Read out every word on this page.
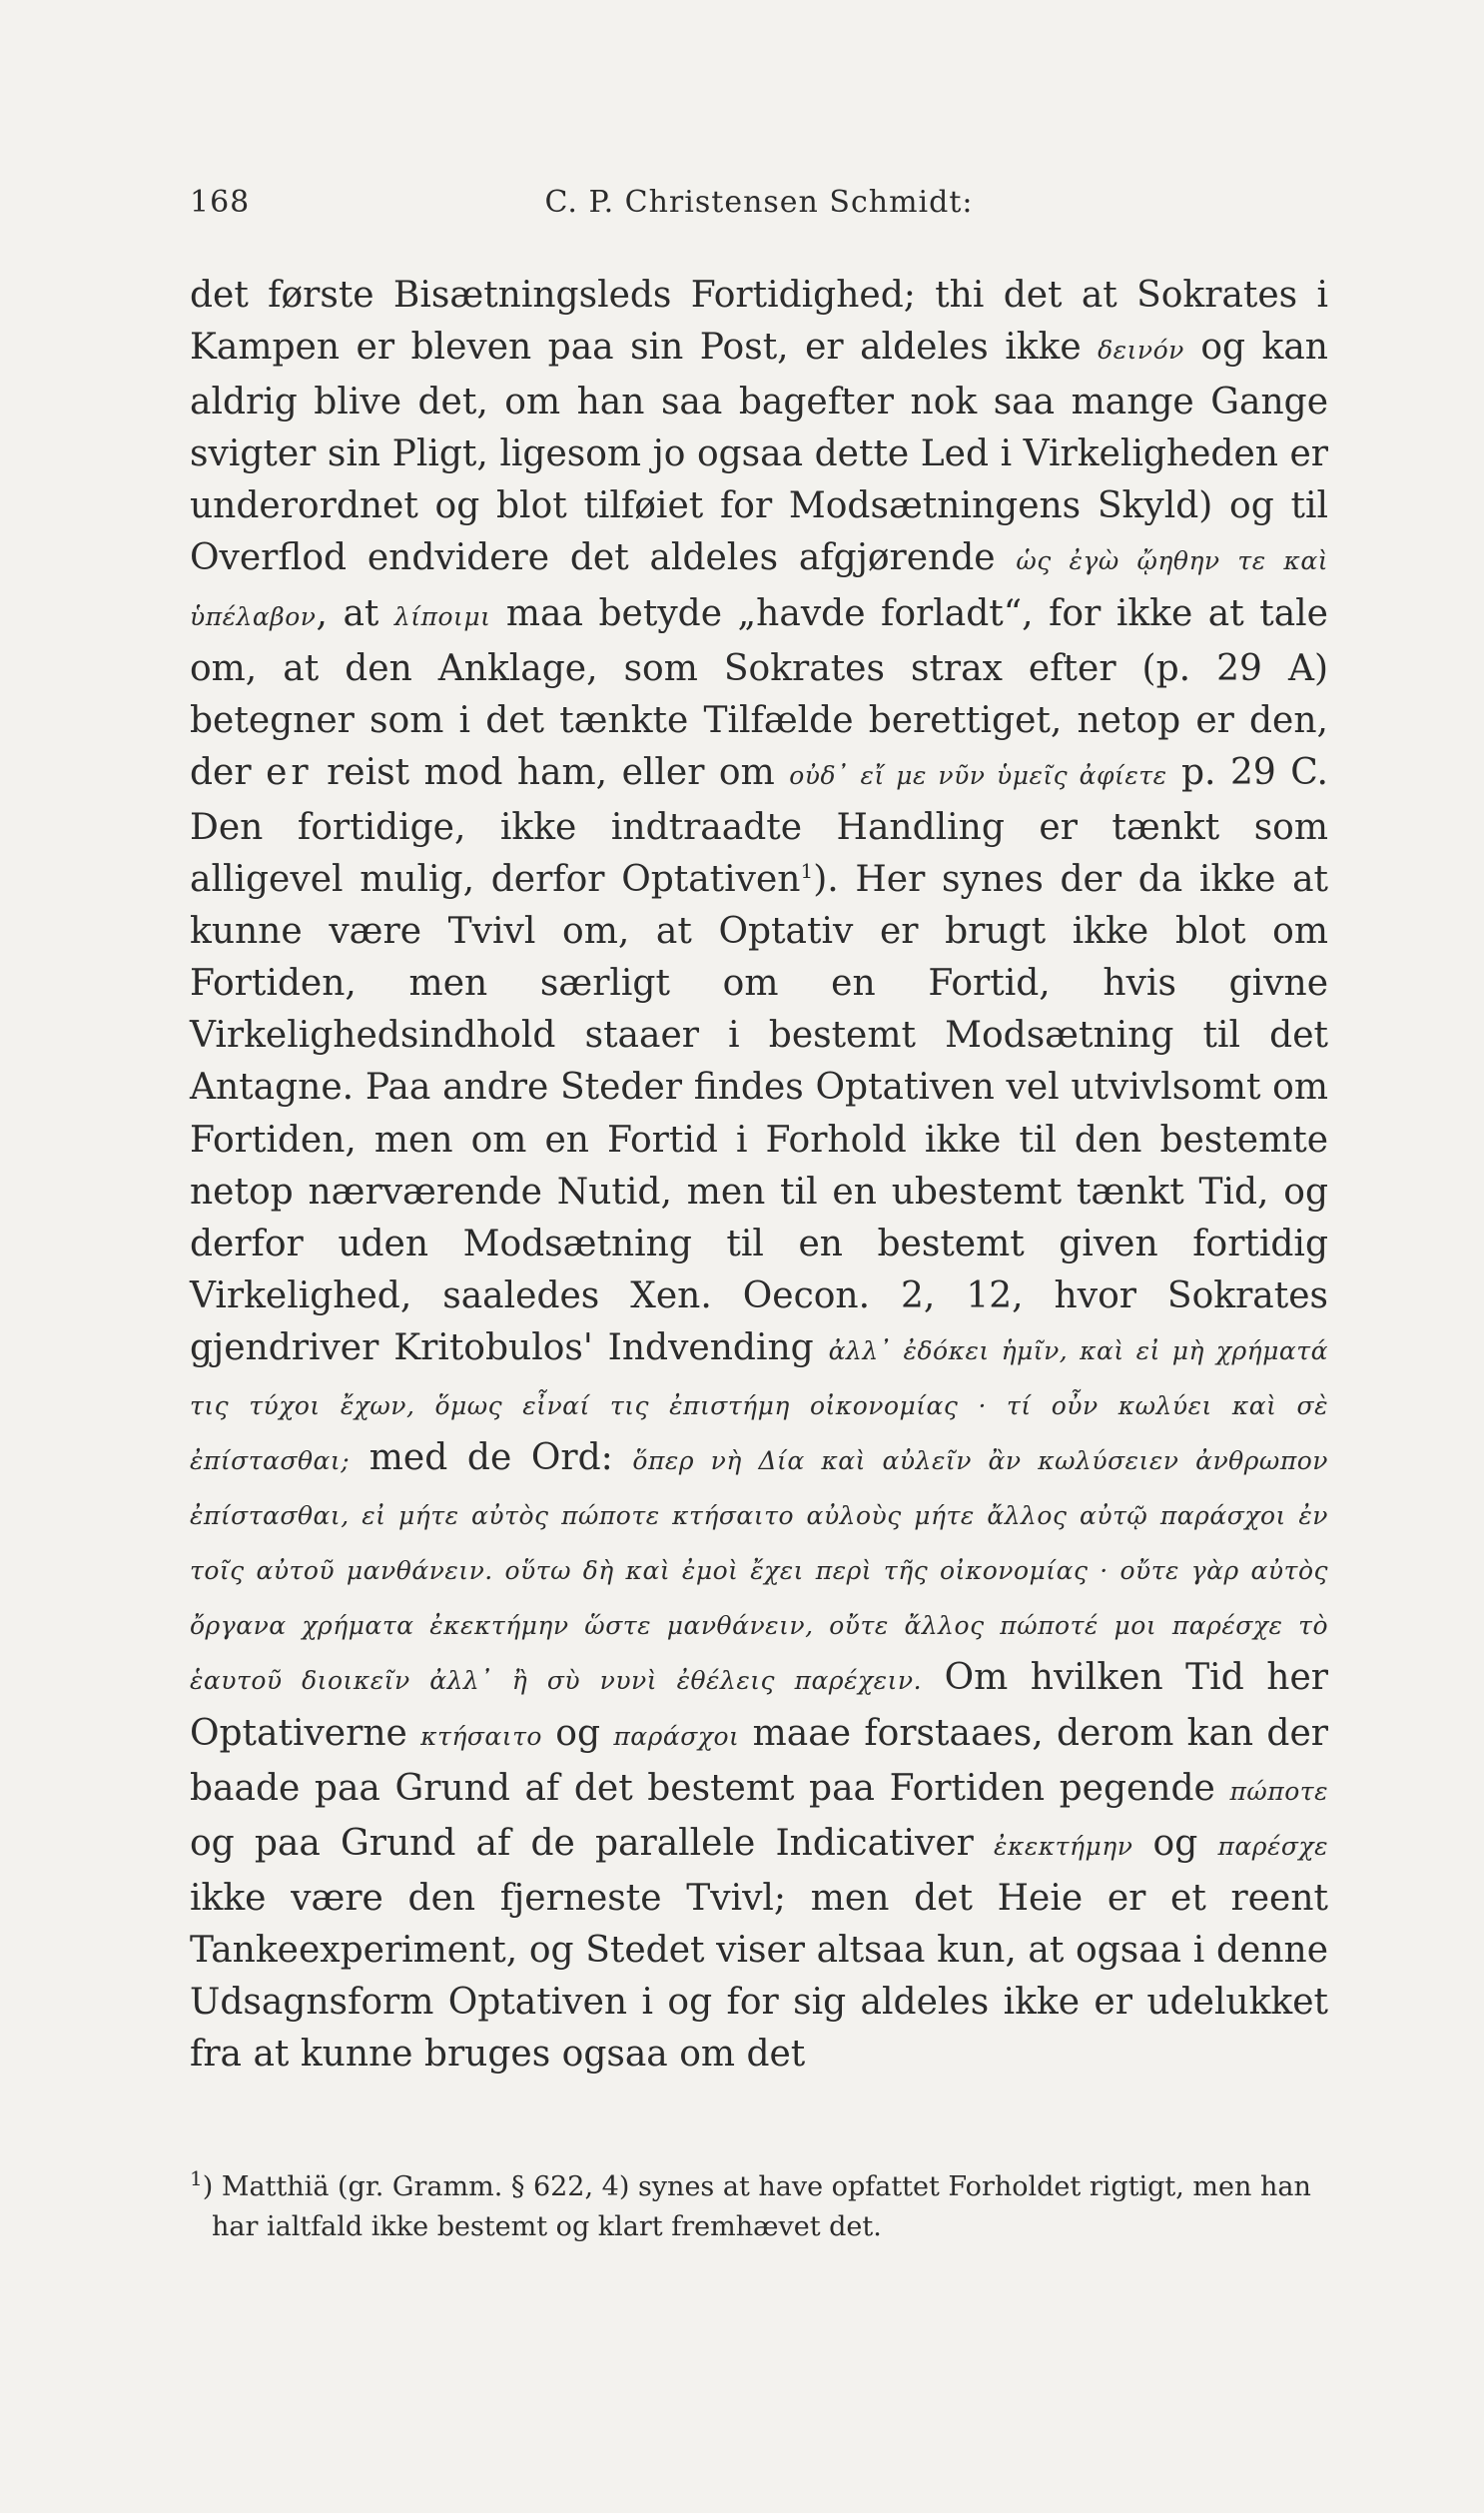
168	C. P. Christensen Schmidt:

det første Bisætningsleds Fortidighed; thi det at Sokrates i Kampen er bleven paa sin Post, er aldeles ikke δεινόν og kan aldrig blive det, om han saa bagefter nok saa mange Gange svigter sin Pligt, ligesom jo ogsaa dette Led i Virkeligheden er underordnet og blot tilføiet for Modsætningens Skyld) og til Overflod endvidere det aldeles afgjørende ὡς ἐγὼ ᾤηθην τε καὶ ὑπέλαβον, at λίποιμι maa betyde „havde forladt“, for ikke at tale om, at den Anklage, som Sokrates strax efter (p. 29 A) betegner som i det tænkte Tilfælde berettiget, netop er den, der er reist mod ham, eller om οὐδ᾽ εἴ με νῦν ὑμεῖς ἀφίετε p. 29 C. Den fortidige, ikke indtraadte Handling er tænkt som alligevel mulig, derfor Optativen$^1$). Her synes der da ikke at kunne være Tvivl om, at Optativ er brugt ikke blot om Fortiden, men særligt om en Fortid, hvis givne Virkelighedsindhold staaer i bestemt Modsætning til det Antagne. Paa andre Steder findes Optativen vel utvivlsomt om Fortiden, men om en Fortid i Forhold ikke til den bestemte netop nærværende Nutid, men til en ubestemt tænkt Tid, og derfor uden Modsætning til en bestemt given fortidig Virkelighed, saaledes Xen. Oecon. 2, 12, hvor Sokrates gjendriver Kritobulos' Indvending ἀλλ᾽ ἐδόκει ἡμῖν, καὶ εἰ μὴ χρήματά τις τύχοι ἔχων, ὅμως εἶναί τις ἐπιστήμη οἰκονομίας · τί οὖν κωλύει καὶ σὲ ἐπίστασθαι; med de Ord: ὅπερ νὴ Δία καὶ αὐλεῖν ἂν κωλύσειεν ἀνθρωπον ἐπίστασθαι, εἰ μήτε αὐτὸς πώποτε κτήσαιτο αὐλοὺς μήτε ἄλλος αὐτῷ παράσχοι ἐν τοῖς αὐτοῦ μανθάνειν. οὕτω δὴ καὶ ἐμοὶ ἔχει περὶ τῆς οἰκονομίας · οὔτε γὰρ αὐτὸς ὄργανα χρήματα ἐκεκτήμην ὥστε μανθάνειν, οὔτε ἄλλος πώποτέ μοι παρέσχε τὸ ἑαυτοῦ διοικεῖν ἀλλ᾽ ἢ σὺ νυνὶ ἐθέλεις παρέχειν. Om hvilken Tid her Optativerne κτήσαιτο og παράσχοι maae forstaaes, derom kan der baade paa Grund af det bestemt paa Fortiden pegende πώποτε og paa Grund af de parallele Indicativer ἐκεκτήμην og παρέσχε ikke være den fjerneste Tvivl; men det Heie er et reent Tankeexperiment, og Stedet viser altsaa kun, at ogsaa i denne Udsagnsform Optativen i og for sig aldeles ikke er udelukket fra at kunne bruges ogsaa om det

$^1$) Matthiä (gr. Gramm. § 622, 4) synes at have opfattet Forholdet rigtigt, men han har ialtfald ikke bestemt og klart fremhævet det.
